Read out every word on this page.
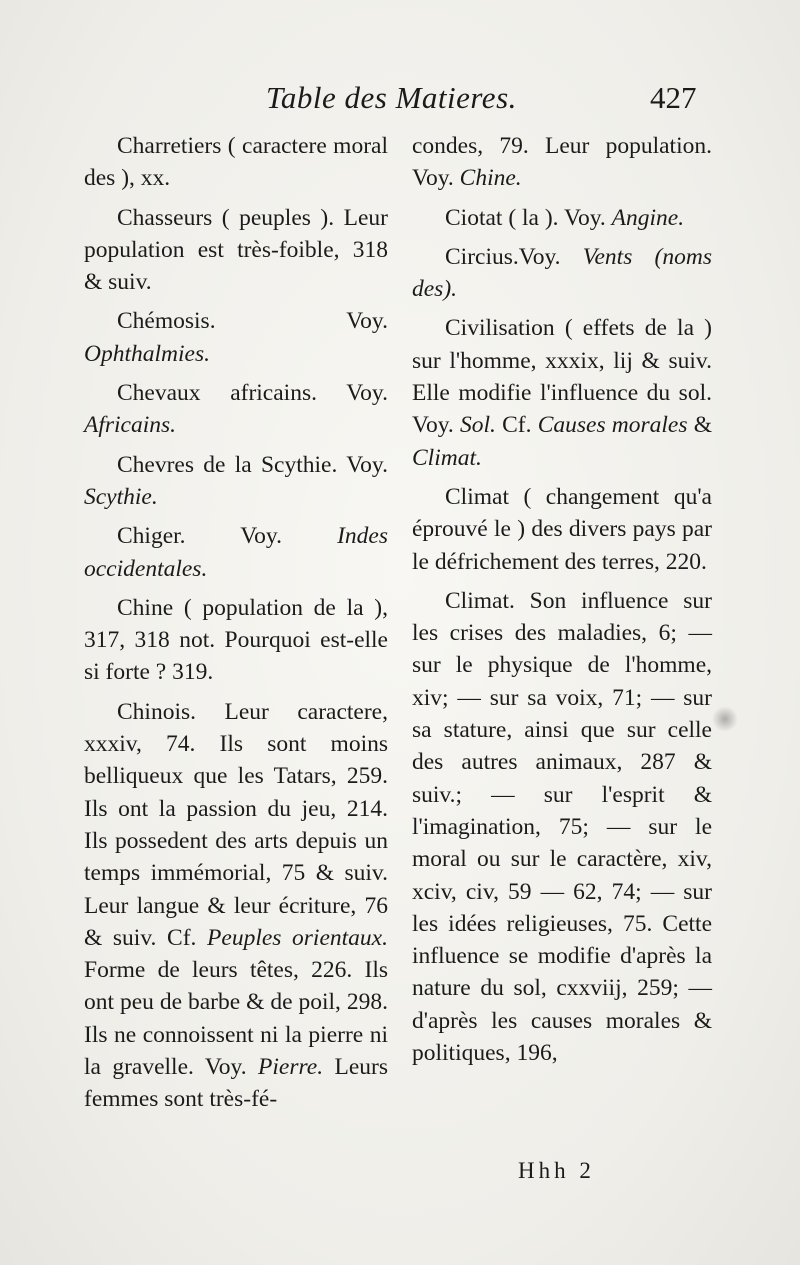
Table des Matieres.	427

Charretiers ( caractere moral des ), xx.

Chasseurs ( peuples ). Leur population est très-foible, 318 & suiv.

Chémosis. Voy. Ophthalmies.

Chevaux africains. Voy. Africains.

Chevres de la Scythie. Voy. Scythie.

Chiger. Voy. Indes occidentales.

Chine ( population de la ), 317, 318 not. Pourquoi est-elle si forte ? 319.

Chinois. Leur caractere, xxxiv, 74. Ils sont moins belliqueux que les Tatars, 259. Ils ont la passion du jeu, 214. Ils possedent des arts depuis un temps immémorial, 75 & suiv. Leur langue & leur écriture, 76 & suiv. Cf. Peuples orientaux. Forme de leurs têtes, 226. Ils ont peu de barbe & de poil, 298. Ils ne connoissent ni la pierre ni la gravelle. Voy. Pierre. Leurs femmes sont très-fé-

condes, 79. Leur population. Voy. Chine.

Ciotat ( la ). Voy. Angine.

Circius.Voy. Vents (noms des).

Civilisation ( effets de la ) sur l'homme, xxxix, lij & suiv. Elle modifie l'influence du sol. Voy. Sol. Cf. Causes morales & Climat.

Climat ( changement qu'a éprouvé le ) des divers pays par le défrichement des terres, 220.

Climat. Son influence sur les crises des maladies, 6; — sur le physique de l'homme, xiv; — sur sa voix, 71; — sur sa stature, ainsi que sur celle des autres animaux, 287 & suiv.; — sur l'esprit & l'imagination, 75; — sur le moral ou sur le caractère, xiv, xciv, civ, 59 — 62, 74; — sur les idées religieuses, 75. Cette influence se modifie d'après la nature du sol, cxxviij, 259; — d'après les causes morales & politiques, 196,

Hhh 2
